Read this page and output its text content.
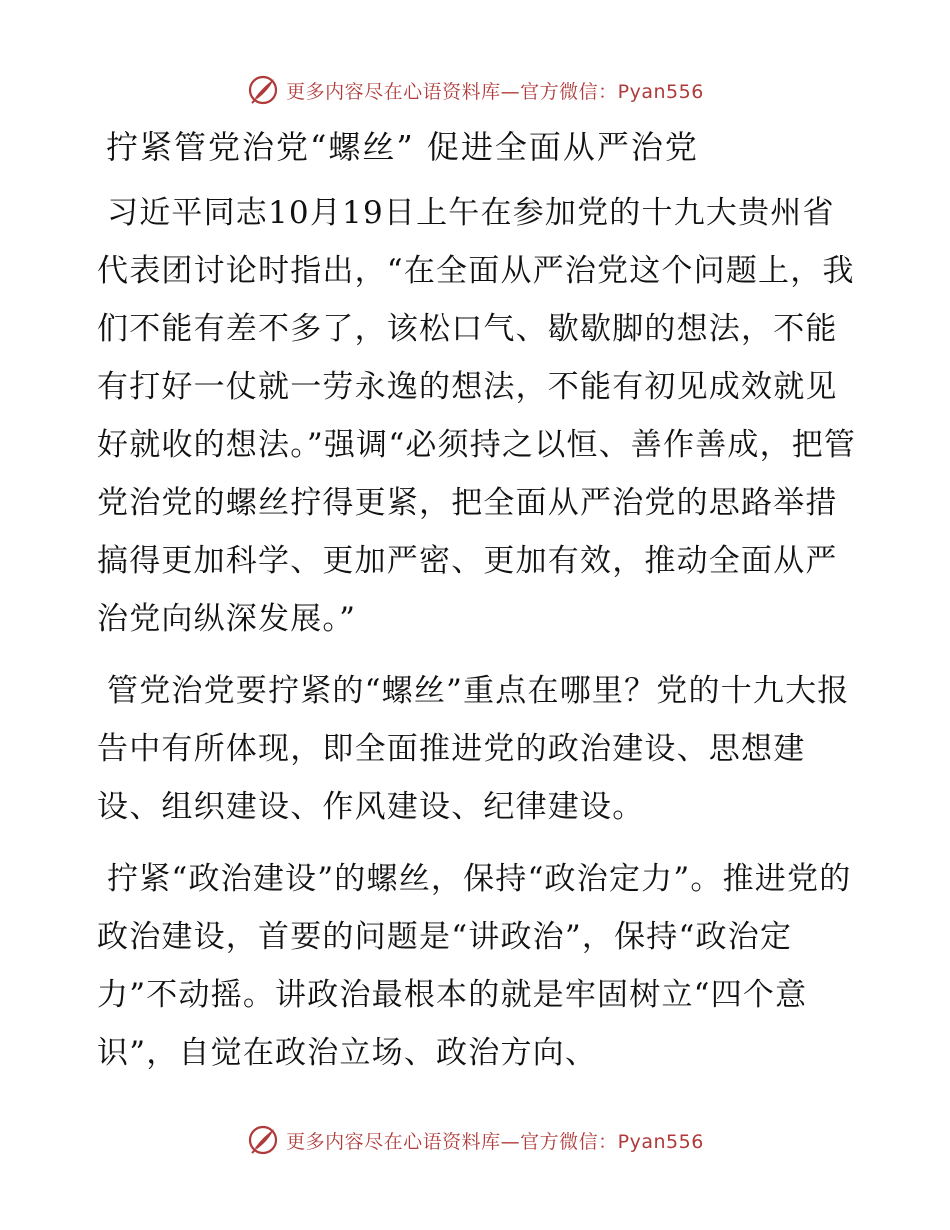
更多内容尽在心语资料库—官方微信：Pyan556
拧紧管党治党“螺丝” 促进全面从严治党

习近平同志10月19日上午在参加党的十九大贵州省代表团讨论时指出，“在全面从严治党这个问题上，我们不能有差不多了，该松口气、歇歇脚的想法，不能有打好一仗就一劳永逸的想法，不能有初见成效就见好就收的想法。”强调“必须持之以恒、善作善成，把管党治党的螺丝拧得更紧，把全面从严治党的思路举措搞得更加科学、更加严密、更加有效，推动全面从严治党向纵深发展。”

管党治党要拧紧的“螺丝”重点在哪里？党的十九大报告中有所体现，即全面推进党的政治建设、思想建设、组织建设、作风建设、纪律建设。

拧紧“政治建设”的螺丝，保持“政治定力”。推进党的政治建设，首要的问题是“讲政治”，保持“政治定力”不动摇。讲政治最根本的就是牢固树立“四个意识”，自觉在政治立场、政治方向、

更多内容尽在心语资料库—官方微信：Pyan556
